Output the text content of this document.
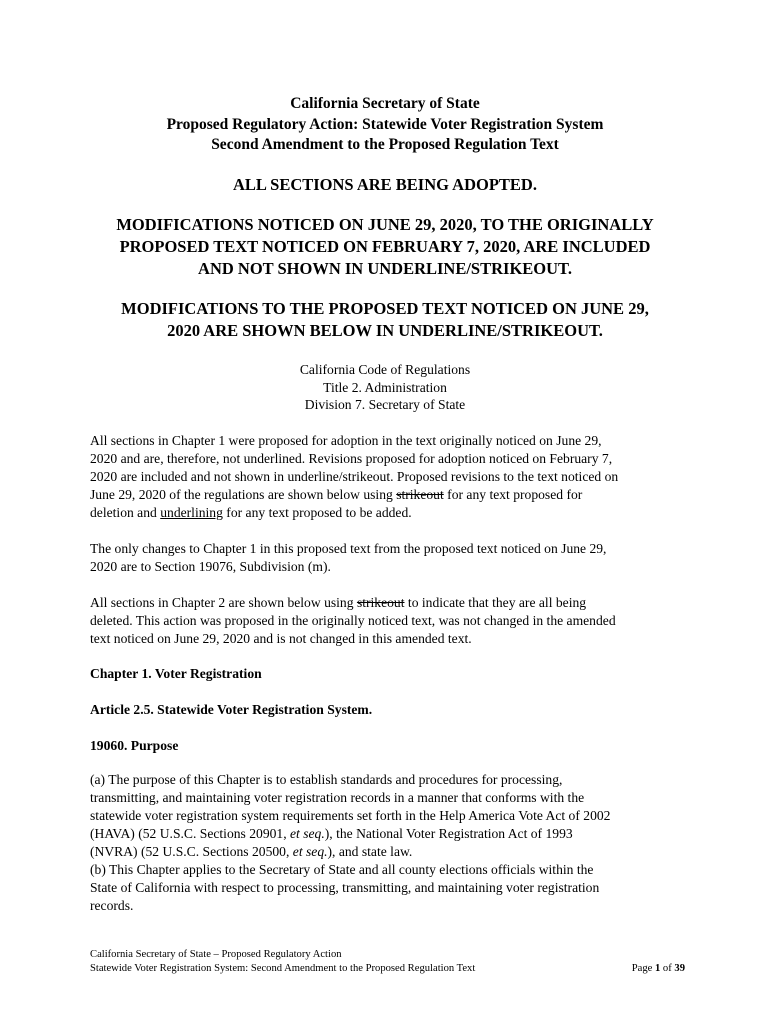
California Secretary of State
Proposed Regulatory Action: Statewide Voter Registration System
Second Amendment to the Proposed Regulation Text
ALL SECTIONS ARE BEING ADOPTED.
MODIFICATIONS NOTICED ON JUNE 29, 2020, TO THE ORIGINALLY
PROPOSED TEXT NOTICED ON FEBRUARY 7, 2020, ARE INCLUDED
AND NOT SHOWN IN UNDERLINE/STRIKEOUT.
MODIFICATIONS TO THE PROPOSED TEXT NOTICED ON JUNE 29,
2020 ARE SHOWN BELOW IN UNDERLINE/STRIKEOUT.
California Code of Regulations
Title 2. Administration
Division 7. Secretary of State
All sections in Chapter 1 were proposed for adoption in the text originally noticed on June 29,
2020 and are, therefore, not underlined. Revisions proposed for adoption noticed on February 7,
2020 are included and not shown in underline/strikeout. Proposed revisions to the text noticed on
June 29, 2020 of the regulations are shown below using strikeout for any text proposed for
deletion and underlining for any text proposed to be added.
The only changes to Chapter 1 in this proposed text from the proposed text noticed on June 29,
2020 are to Section 19076, Subdivision (m).
All sections in Chapter 2 are shown below using strikeout to indicate that they are all being
deleted. This action was proposed in the originally noticed text, was not changed in the amended
text noticed on June 29, 2020 and is not changed in this amended text.
Chapter 1. Voter Registration
Article 2.5. Statewide Voter Registration System.
19060. Purpose
(a) The purpose of this Chapter is to establish standards and procedures for processing,
transmitting, and maintaining voter registration records in a manner that conforms with the
statewide voter registration system requirements set forth in the Help America Vote Act of 2002
(HAVA) (52 U.S.C. Sections 20901, et seq.), the National Voter Registration Act of 1993
(NVRA) (52 U.S.C. Sections 20500, et seq.), and state law.
(b) This Chapter applies to the Secretary of State and all county elections officials within the
State of California with respect to processing, transmitting, and maintaining voter registration
records.
California Secretary of State – Proposed Regulatory Action
Statewide Voter Registration System: Second Amendment to the Proposed Regulation Text	Page 1 of 39
